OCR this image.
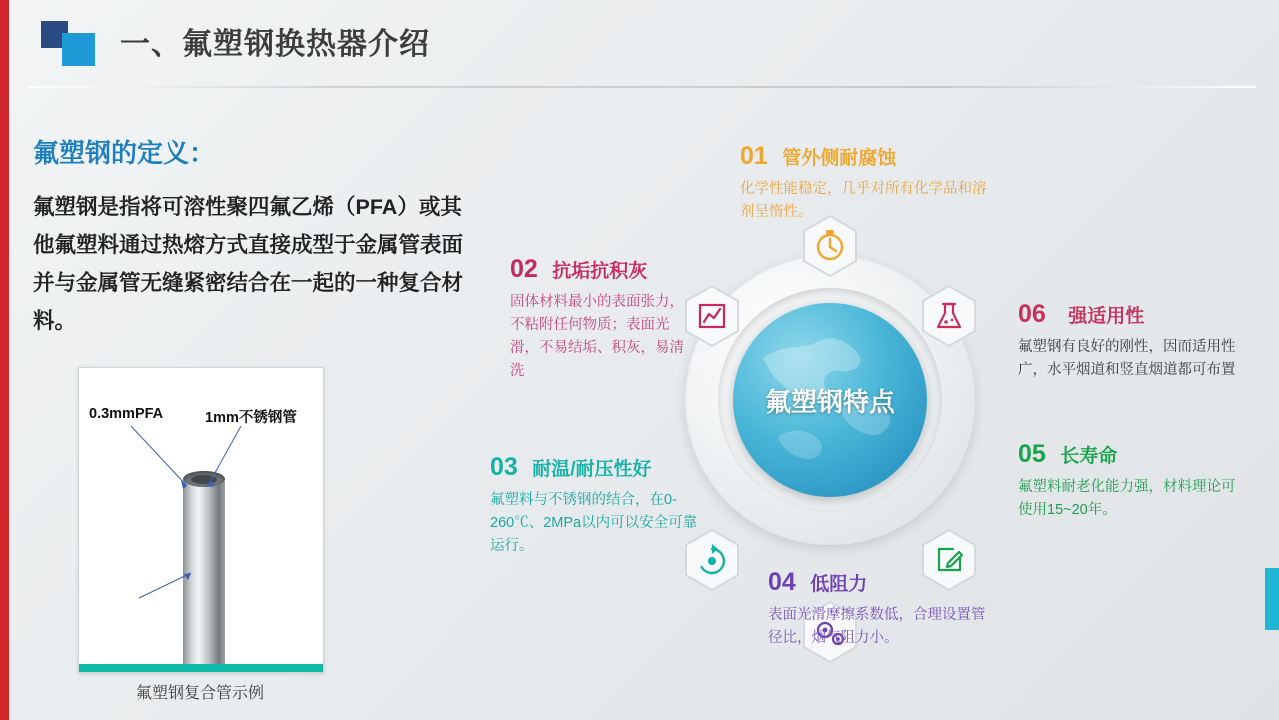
一、氟塑钢换热器介绍
氟塑钢的定义：
氟塑钢是指将可溶性聚四氟乙烯（PFA）或其他氟塑料通过热熔方式直接成型于金属管表面并与金属管无缝紧密结合在一起的一种复合材料。
0.3mmPFA	1mm不锈钢管
氟塑钢复合管示例
氟塑钢特点
01 管外侧耐腐蚀
化学性能稳定，几乎对所有化学品和溶剂呈惰性。
02 抗垢抗积灰
固体材料最小的表面张力，不粘附任何物质；表面光滑，不易结垢、积灰，易清洗
03 耐温/耐压性好
氟塑料与不锈钢的结合，在0-260℃、2MPa以内可以安全可靠运行。
04 低阻力
表面光滑摩擦系数低，合理设置管径比，烟气阻力小。
05 长寿命
氟塑料耐老化能力强，材料理论可使用15~20年。
06 强适用性
氟塑钢有良好的刚性，因而适用性广，水平烟道和竖直烟道都可布置
